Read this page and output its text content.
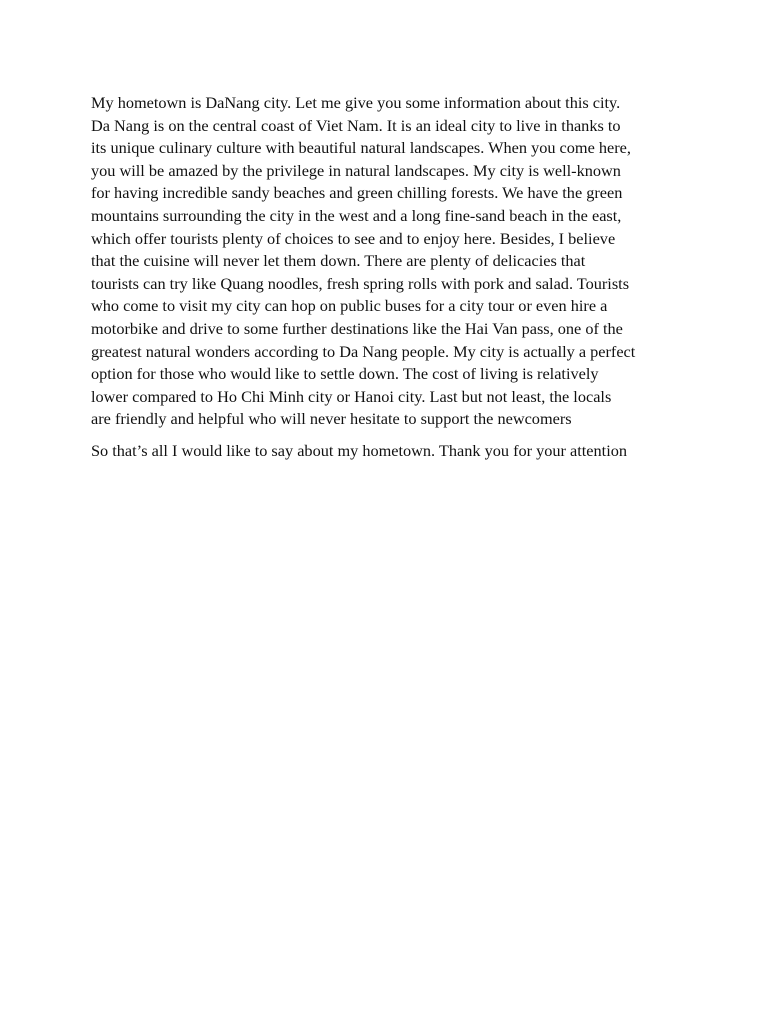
My hometown is DaNang city. Let me give you some information about this city.
Da Nang is on the central coast of Viet Nam. It is an ideal city to live in thanks to
its unique culinary culture with beautiful natural landscapes. When you come here,
you will be amazed by the privilege in natural landscapes. My city is well-known
for having incredible sandy beaches and green chilling forests. We have the green
mountains surrounding the city in the west and a long fine-sand beach in the east,
which offer tourists plenty of choices to see and to enjoy here. Besides, I believe
that the cuisine will never let them down. There are plenty of delicacies that
tourists can try like Quang noodles, fresh spring rolls with pork and salad. Tourists
who come to visit my city can hop on public buses for a city tour or even hire a
motorbike and drive to some further destinations like the Hai Van pass, one of the
greatest natural wonders according to Da Nang people. My city is actually a perfect
option for those who would like to settle down. The cost of living is relatively
lower compared to Ho Chi Minh city or Hanoi city. Last but not least, the locals
are friendly and helpful who will never hesitate to support the newcomers

So that’s all I would like to say about my hometown. Thank you for your attention
